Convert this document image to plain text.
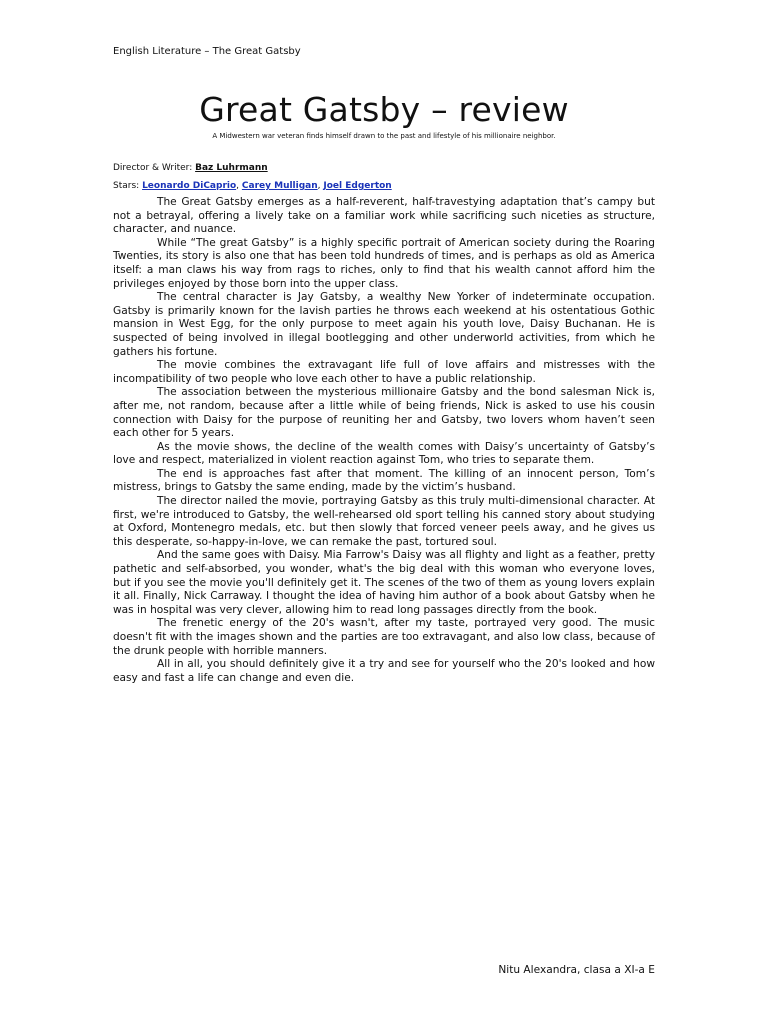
English Literature – The Great Gatsby
Great Gatsby – review
A Midwestern war veteran finds himself drawn to the past and lifestyle of his millionaire neighbor.
Director & Writer: Baz Luhrmann
Stars: Leonardo DiCaprio, Carey Mulligan, Joel Edgerton

The Great Gatsby emerges as a half-reverent, half-travestying adaptation that’s campy but not a betrayal, offering a lively take on a familiar work while sacrificing such niceties as structure, character, and nuance.

While “The great Gatsby” is a highly specific portrait of American society during the Roaring Twenties, its story is also one that has been told hundreds of times, and is perhaps as old as America itself: a man claws his way from rags to riches, only to find that his wealth cannot afford him the privileges enjoyed by those born into the upper class.

The central character is Jay Gatsby, a wealthy New Yorker of indeterminate occupation. Gatsby is primarily known for the lavish parties he throws each weekend at his ostentatious Gothic mansion in West Egg, for the only purpose to meet again his youth love, Daisy Buchanan. He is suspected of being involved in illegal bootlegging and other underworld activities, from which he gathers his fortune.

The movie combines the extravagant life full of love affairs and mistresses with the incompatibility of two people who love each other to have a public relationship.

The association between the mysterious millionaire Gatsby and the bond salesman Nick is, after me, not random, because after a little while of being friends, Nick is asked to use his cousin connection with Daisy for the purpose of reuniting her and Gatsby, two lovers whom haven’t seen each other for 5 years.

As the movie shows, the decline of the wealth comes with Daisy’s uncertainty of Gatsby’s love and respect, materialized in violent reaction against Tom, who tries to separate them.

The end is approaches fast after that moment. The killing of an innocent person, Tom’s mistress, brings to Gatsby the same ending, made by the victim’s husband.

The director nailed the movie, portraying Gatsby as this truly multi-dimensional character. At first, we're introduced to Gatsby, the well-rehearsed old sport telling his canned story about studying at Oxford, Montenegro medals, etc. but then slowly that forced veneer peels away, and he gives us this desperate, so-happy-in-love, we can remake the past, tortured soul.

And the same goes with Daisy. Mia Farrow's Daisy was all flighty and light as a feather, pretty pathetic and self-absorbed, you wonder, what's the big deal with this woman who everyone loves, but if you see the movie you'll definitely get it. The scenes of the two of them as young lovers explain it all. Finally, Nick Carraway. I thought the idea of having him author of a book about Gatsby when he was in hospital was very clever, allowing him to read long passages directly from the book.

The frenetic energy of the 20's wasn't, after my taste, portrayed very good. The music doesn't fit with the images shown and the parties are too extravagant, and also low class, because of the drunk people with horrible manners.

All in all, you should definitely give it a try and see for yourself who the 20's looked and how easy and fast a life can change and even die.

Nitu Alexandra, clasa a XI-a E
